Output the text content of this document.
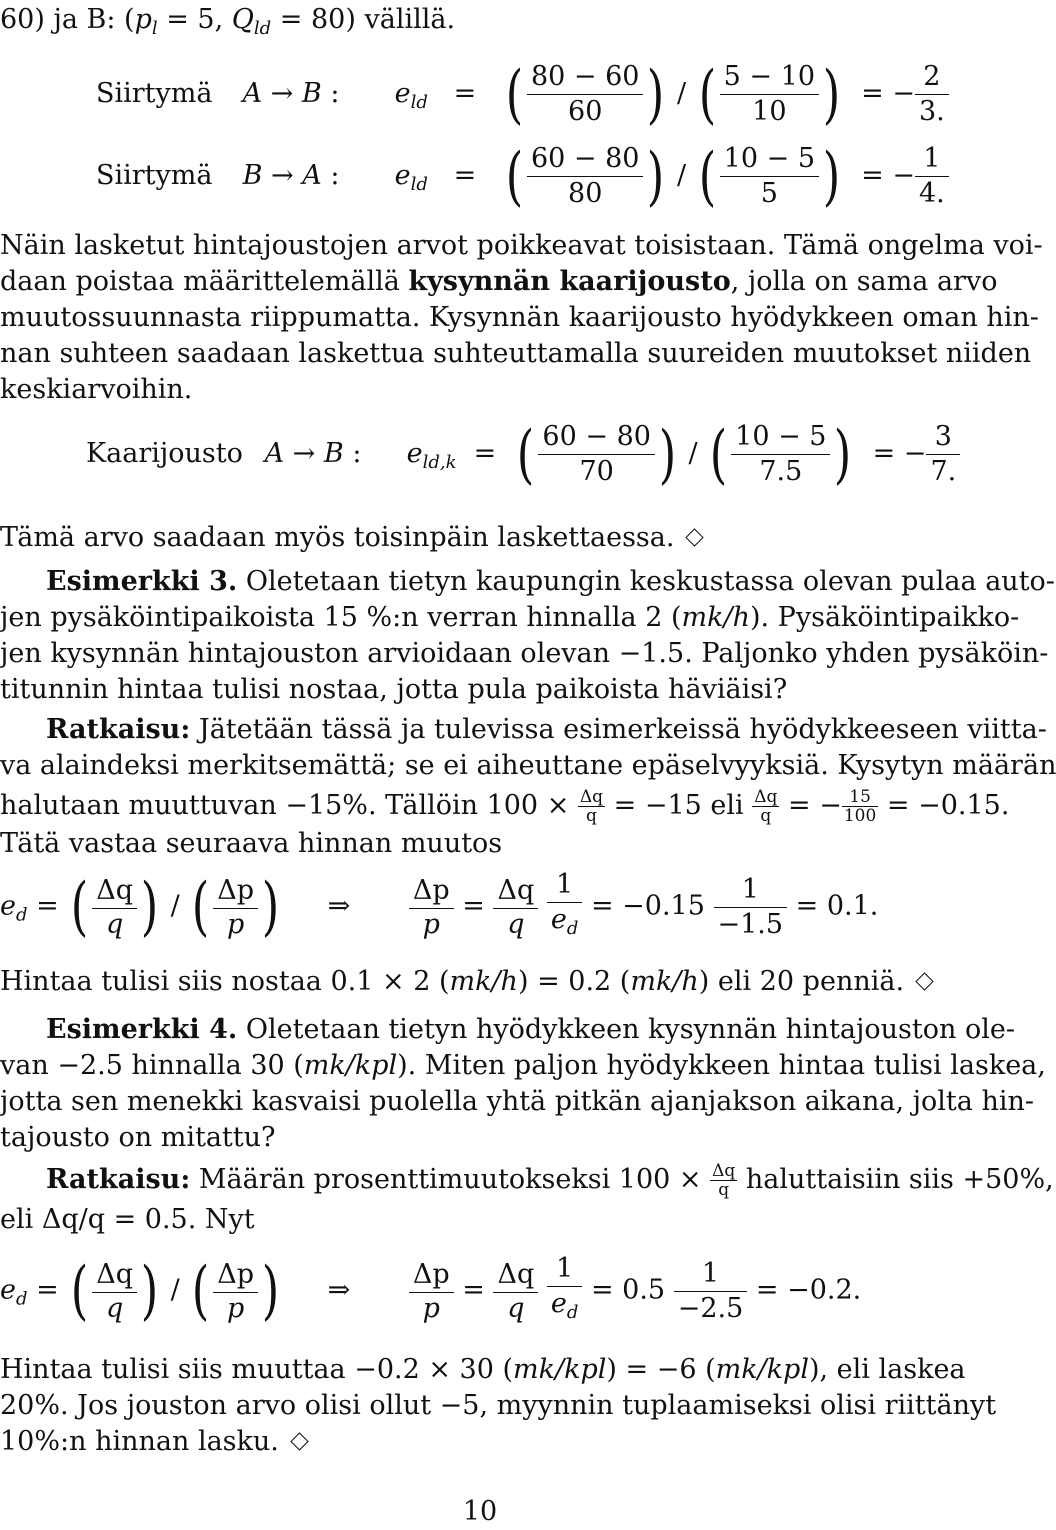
60) ja B: ($p_l = 5$, $Q_{ld} = 80$) välillä.
Siirtymä A → B :  $e_{ld}$   =   ( $\frac{80 - 60}{60}$ ) / ( $\frac{5 - 10}{10}$ )  = − $\frac{2}{3.}$
Siirtymä B → A :  $e_{ld}$   =   ( $\frac{60 - 80}{80}$ ) / ( $\frac{10 - 5}{5}$ )  = − $\frac{1}{4.}$
Näin lasketut hintajoustojen arvot poikkeavat toisistaan. Tämä ongelma voi-
daan poistaa määrittelemällä kysynnän kaarijousto, jolla on sama arvo
muutossuunnasta riippumatta. Kysynnän kaarijousto hyödykkeen oman hin-
nan suhteen saadaan laskettua suhteuttamalla suureiden muutokset niiden
keskiarvoihin.
Kaarijousto A → B :  $e_{ld,k}$  =  ( $\frac{60 - 80}{70}$ ) / ( $\frac{10 - 5}{7.5}$ )  = − $\frac{3}{7.}$
Tämä arvo saadaan myös toisinpäin laskettaessa.
Esimerkki 3. Oletetaan tietyn kaupungin keskustassa olevan pulaa auto-
jen pysäköintipaikoista 15 %:n verran hinnalla 2 (mk/h). Pysäköintipaikko-
jen kysynnän hintajouston arvioidaan olevan −1.5. Paljonko yhden pysäköin-
titunnin hintaa tulisi nostaa, jotta pula paikoista häviäisi?
Ratkaisu: Jätetään tässä ja tulevissa esimerkeissä hyödykkeeseen viitta-
va alaindeksi merkitsemättä; se ei aiheuttane epäselvyyksiä. Kysytyn määrän
halutaan muuttuvan −15%. Tällöin $100 \times \frac{\Delta q}{q} = -15$ eli $\frac{\Delta q}{q}$ = − $\frac{15}{100} = -0.15$.
Tätä vastaa seuraava hinnan muutos
$e_d$ = ( $\frac{\Delta q}{q}$) / ( $\frac{\Delta p}{p}$) ⇒ $\frac{\Delta p}{p} = \frac{\Delta q}{q} \frac{1}{e_d} = -0.15 \frac{1}{-1.5} = 0.1$.
Hintaa tulisi siis nostaa 0.1 × 2 (mk/h) = 0.2 (mk/h) eli 20 penniä.
Esimerkki 4. Oletetaan tietyn hyödykkeen kysynnän hintajouston ole-
van −2.5 hinnalla 30 (mk/kpl). Miten paljon hyödykkeen hintaa tulisi laskea,
jotta sen menekki kasvaisi puolella yhtä pitkän ajanjakson aikana, jolta hin-
tajousto on mitattu?
Ratkaisu: Määrän prosenttimuutokseksi $100 \times \frac{\Delta q}{q}$ haluttaisiin siis +50%,
eli Δq/q = 0.5. Nyt
$e_d$ = ( $\frac{\Delta q}{q}$) / ( $\frac{\Delta p}{p}$) ⇒ $\frac{\Delta p}{p} = \frac{\Delta q}{q} \frac{1}{e_d} = 0.5 \frac{1}{-2.5} = -0.2$.
Hintaa tulisi siis muuttaa −0.2 × 30 (mk/kpl) = −6 (mk/kpl), eli laskea
20%. Jos jouston arvo olisi ollut −5, myynnin tuplaamiseksi olisi riittänyt
10%:n hinnan lasku.
10
